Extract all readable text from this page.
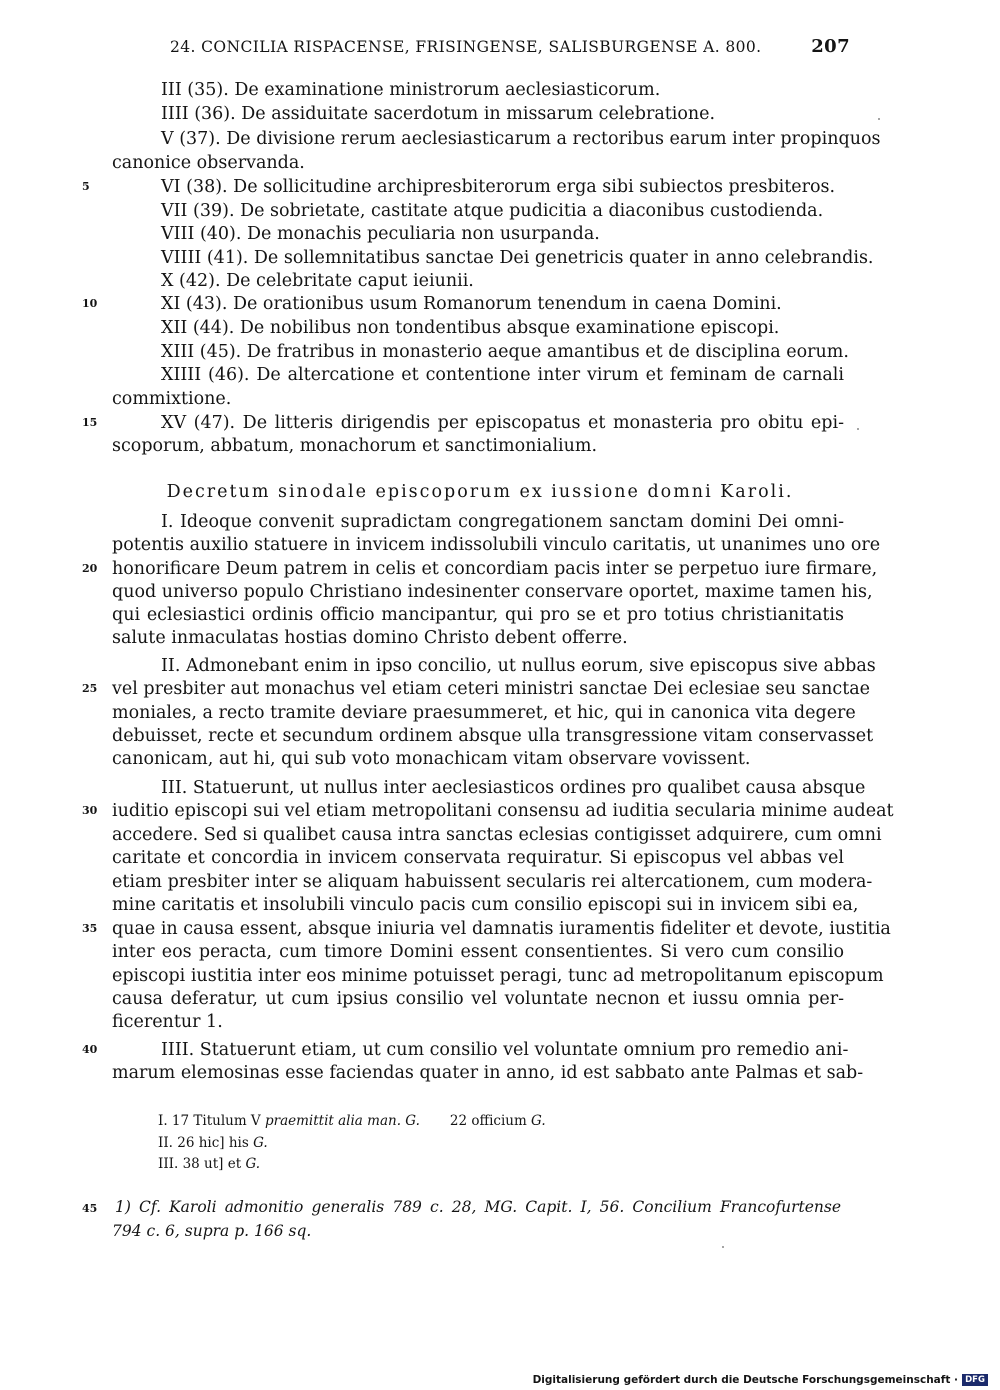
24. CONCILIA RISPACENSE, FRISINGENSE, SALISBURGENSE A. 800.	207
III (35). De examinatione ministrorum aeclesiasticorum.
IIII (36). De assiduitate sacerdotum in missarum celebratione.
V (37). De divisione rerum aeclesiasticarum a rectoribus earum inter propinquos
canonice observanda.
VI (38). De sollicitudine archipresbiterorum erga sibi subiectos presbiteros.
VII (39). De sobrietate, castitate atque pudicitia a diaconibus custodienda.
VIII (40). De monachis peculiaria non usurpanda.
VIIII (41). De sollemnitatibus sanctae Dei genetricis quater in anno celebrandis.
X (42). De celebritate caput ieiunii.
XI (43). De orationibus usum Romanorum tenendum in caena Domini.
XII (44). De nobilibus non tondentibus absque examinatione episcopi.
XIII (45). De fratribus in monasterio aeque amantibus et de disciplina eorum.
XIIII (46). De altercatione et contentione inter virum et feminam de carnali
commixtione.
XV (47). De litteris dirigendis per episcopatus et monasteria pro obitu epi-
scoporum, abbatum, monachorum et sanctimonialium.
Decretum sinodale episcoporum ex iussione domni Karoli.
I. Ideoque convenit supradictam congregationem sanctam domini Dei omni-
potentis auxilio statuere in invicem indissolubili vinculo caritatis, ut unanimes uno ore
honorificare Deum patrem in celis et concordiam pacis inter se perpetuo iure firmare,
quod universo populo Christiano indesinenter conservare oportet, maxime tamen his,
qui eclesiastici ordinis officio mancipantur, qui pro se et pro totius christianitatis
salute inmaculatas hostias domino Christo debent offerre.
II. Admonebant enim in ipso concilio, ut nullus eorum, sive episcopus sive abbas
vel presbiter aut monachus vel etiam ceteri ministri sanctae Dei eclesiae seu sanctae
moniales, a recto tramite deviare praesummeret, et hic, qui in canonica vita degere
debuisset, recte et secundum ordinem absque ulla transgressione vitam conservasset
canonicam, aut hi, qui sub voto monachicam vitam observare vovissent.
III. Statuerunt, ut nullus inter aeclesiasticos ordines pro qualibet causa absque
iuditio episcopi sui vel etiam metropolitani consensu ad iuditia secularia minime audeat
accedere. Sed si qualibet causa intra sanctas eclesias contigisset adquirere, cum omni
caritate et concordia in invicem conservata requiratur. Si episcopus vel abbas vel
etiam presbiter inter se aliquam habuissent secularis rei altercationem, cum modera-
mine caritatis et insolubili vinculo pacis cum consilio episcopi sui in invicem sibi ea,
quae in causa essent, absque iniuria vel damnatis iuramentis fideliter et devote, iustitia
inter eos peracta, cum timore Domini essent consentientes. Si vero cum consilio
episcopi iustitia inter eos minime potuisset peragi, tunc ad metropolitanum episcopum
causa deferatur, ut cum ipsius consilio vel voluntate necnon et iussu omnia per-
ficerentur 1.
IIII. Statuerunt etiam, ut cum consilio vel voluntate omnium pro remedio ani-
marum elemosinas esse faciendas quater in anno, id est sabbato ante Palmas et sab-
5
10
15
20
25
30
35
40
45
I. 17 Titulum V praemittit alia man. G. 22 officium G.
II. 26 hic] his G.
III. 38 ut] et G.
1) Cf. Karoli admonitio generalis 789 c. 28, MG. Capit. I, 56. Concilium Francofurtense
794 c. 6, supra p. 166 sq.
Digitalisierung gefördert durch die Deutsche Forschungsgemeinschaft · DFG
